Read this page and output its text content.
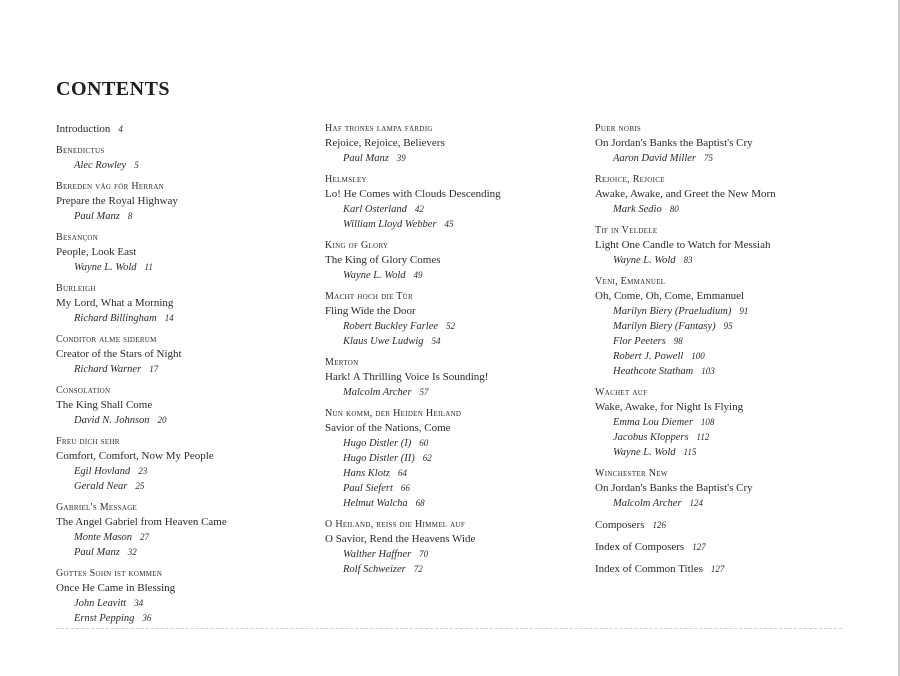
CONTENTS
Introduction 4
Benedictus
Alec Rowley 5
Bereden väg för Herran
Prepare the Royal Highway
Paul Manz 8
Besançon
People, Look East
Wayne L. Wold 11
Burleigh
My Lord, What a Morning
Richard Billingham 14
Conditor alme siderum
Creator of the Stars of Night
Richard Warner 17
Consolation
The King Shall Come
David N. Johnson 20
Freu dich sehr
Comfort, Comfort, Now My People
Egil Hovland 23
Gerald Near 25
Gabriel's Message
The Angel Gabriel from Heaven Came
Monte Mason 27
Paul Manz 32
Gottes Sohn ist kommen
Once He Came in Blessing
John Leavitt 34
Ernst Pepping 36
Haf trones lampa färdig
Rejoice, Rejoice, Believers
Paul Manz 39
Helmsley
Lo! He Comes with Clouds Descending
Karl Osterland 42
William Lloyd Webber 45
King of Glory
The King of Glory Comes
Wayne L. Wold 49
Macht hoch die Tür
Fling Wide the Door
Robert Buckley Farlee 52
Klaus Uwe Ludwig 54
Merton
Hark! A Thrilling Voice Is Sounding!
Malcolm Archer 57
Nun komm, der Heiden Heiland
Savior of the Nations, Come
Hugo Distler (I) 60
Hugo Distler (II) 62
Hans Klotz 64
Paul Siefert 66
Helmut Walcha 68
O Heiland, reiss die Himmel auf
O Savior, Rend the Heavens Wide
Walther Haffner 70
Rolf Schweizer 72
Puer nobis
On Jordan's Banks the Baptist's Cry
Aaron David Miller 75
Rejoice, Rejoice
Awake, Awake, and Greet the New Morn
Mark Sedio 80
Tif in Veldele
Light One Candle to Watch for Messiah
Wayne L. Wold 83
Veni, Emmanuel
Oh, Come, Oh, Come, Emmanuel
Marilyn Biery (Praeludium) 91
Marilyn Biery (Fantasy) 95
Flor Peeters 98
Robert J. Powell 100
Heathcote Statham 103
Wachet auf
Wake, Awake, for Night Is Flying
Emma Lou Diemer 108
Jacobus Kloppers 112
Wayne L. Wold 115
Winchester New
On Jordan's Banks the Baptist's Cry
Malcolm Archer 124
Composers 126
Index of Composers 127
Index of Common Titles 127
